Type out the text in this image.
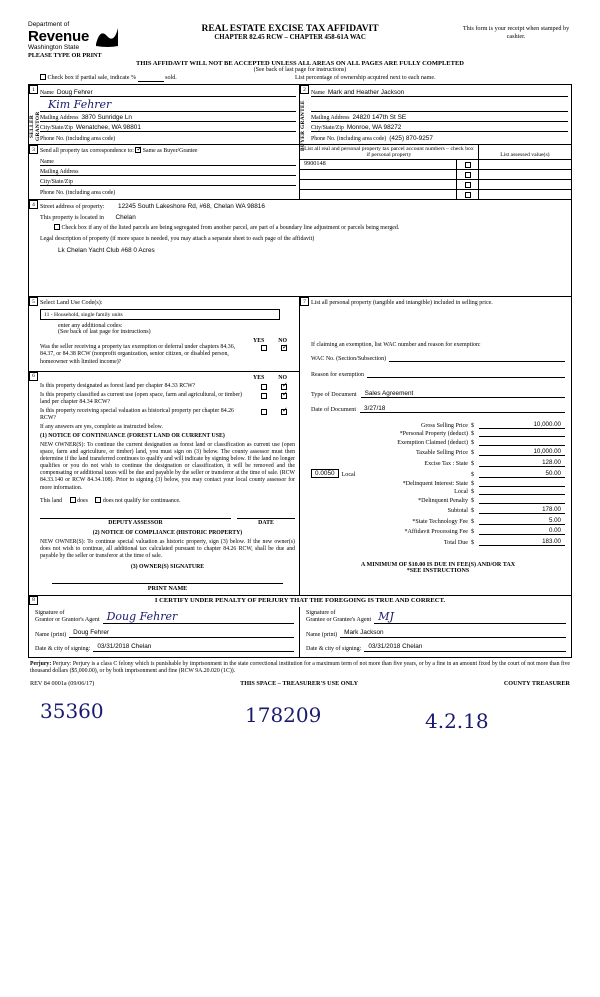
Department of
Revenue
Washington State
REAL ESTATE EXCISE TAX AFFIDAVIT
CHAPTER 82.45 RCW – CHAPTER 458-61A WAC
This form is your receipt when stamped by cashier.
PLEASE TYPE OR PRINT
THIS AFFIDAVIT WILL NOT BE ACCEPTED UNLESS ALL AREAS ON ALL PAGES ARE FULLY COMPLETED
(See back of last page for instructions)
Check box if partial sale, indicate %	sold.	List percentage of ownership acquired next to each name.
1
SELLER GRANTOR
Name Doug Fehrer
Kim Fehrer
Mailing Address 3870 Sunridge Ln
City/State/Zip Wenatchee, WA 98801
Phone No. (including area code)
2
BUYER GRANTEE
Name Mark and Heather Jackson

Mailing Address 24820 147th St SE
City/State/Zip Monroe, WA 98272
Phone No. (including area code) (425) 870-9257
3 Send all property tax correspondence to: ✓ Same as Buyer/Grantee
Name
Mailing Address
City/State/Zip
Phone No. (including area code)
List all real and personal property tax parcel account numbers – check box if personal property	List assessed value(s)
9900148
4 Street address of property: 12245 South Lakeshore Rd, #68, Chelan WA 98816
This property is located in Chelan
Check box if any of the listed parcels are being segregated from another parcel, are part of a boundary line adjustment or parcels being merged.
Legal description of property (if more space is needed, you may attach a separate sheet to each page of the affidavit)
Lk Chelan Yacht Club #68 0 Acres
5 Select Land Use Code(s):
11 - Household, single family units
enter any additional codes:
(See back of last page for instructions)
YES NO
Was the seller receiving a property tax exemption or deferral under chapters 84.36, 84.37, or 84.38 RCW (nonprofit organization, senior citizen, or disabled person, homeowner with limited income)?
✓
6	YES NO
Is this property designated as forest land per chapter 84.33 RCW?
✓
Is this property classified as current use (open space, farm and agricultural, or timber) land per chapter 84.34 RCW?
✓
Is this property receiving special valuation as historical property per chapter 84.26 RCW?
✓
If any answers are yes, complete as instructed below.
(1) NOTICE OF CONTINUANCE (FOREST LAND OR CURRENT USE)
NEW OWNER(S): To continue the current designation as forest land or classification as current use (open space, farm and agriculture, or timber) land, you must sign on (3) below. The county assessor must then determine if the land transferred continues to qualify and will indicate by signing below. If the land no longer qualifies or you do not wish to continue the designation or classification, it will be removed and the compensating or additional taxes will be due and payable by the seller or transferor at the time of sale. (RCW 84.33.140 or RCW 84.34.108). Prior to signing (3) below, you may contact your local county assessor for more information.
This land	does	does not qualify for continuance.
DEPUTY ASSESSOR	DATE
(2) NOTICE OF COMPLIANCE (HISTORIC PROPERTY)
NEW OWNER(S): To continue special valuation as historic property, sign (3) below. If the new owner(s) does not wish to continue, all additional tax calculated pursuant to chapter 84.26 RCW, shall be due and payable by the seller or transferor at the time of sale.
(3) OWNER(S) SIGNATURE
PRINT NAME
7 List all personal property (tangible and intangible) included in selling price.
If claiming an exemption, list WAC number and reason for exemption:
WAC No. (Section/Subsection)
Reason for exemption
Type of Document	Sales Agreement
Date of Document	3/27/18
Gross Selling Price $	10,000.00
*Personal Property (deduct) $
Exemption Claimed (deduct) $
Taxable Selling Price $	10,000.00
Excise Tax : State $	128.00
0.0050	Local	$	50.00
*Delinquent Interest: State $
Local $
*Delinquent Penalty $
Subtotal $	178.00
*State Technology Fee $	5.00
*Affidavit Processing Fee $	0.00
Total Due $	183.00
A MINIMUM OF $10.00 IS DUE IN FEE(S) AND/OR TAX
*SEE INSTRUCTIONS
8	I CERTIFY UNDER PENALTY OF PERJURY THAT THE FOREGOING IS TRUE AND CORRECT.
Signature of
Grantor or Grantor's Agent Doug Fehrer
Name (print)	Doug Fehrer
Date & city of signing:	03/31/2018 Chelan
Signature of
Grantee or Grantee's Agent MJ
Name (print)	Mark Jackson
Date & city of signing:	03/31/2018 Chelan
Perjury: Perjury: Perjury is a class C felony which is punishable by imprisonment in the state correctional institution for a maximum term of not more than five years, or by a fine in an amount fixed by the court of not more than five thousand dollars ($5,000.00), or by both imprisonment and fine (RCW 9A.20.020 (1C)).
REV 84 0001a (09/06/17)	THIS SPACE – TREASURER'S USE ONLY	COUNTY TREASURER
35360	178209	4.2.18
